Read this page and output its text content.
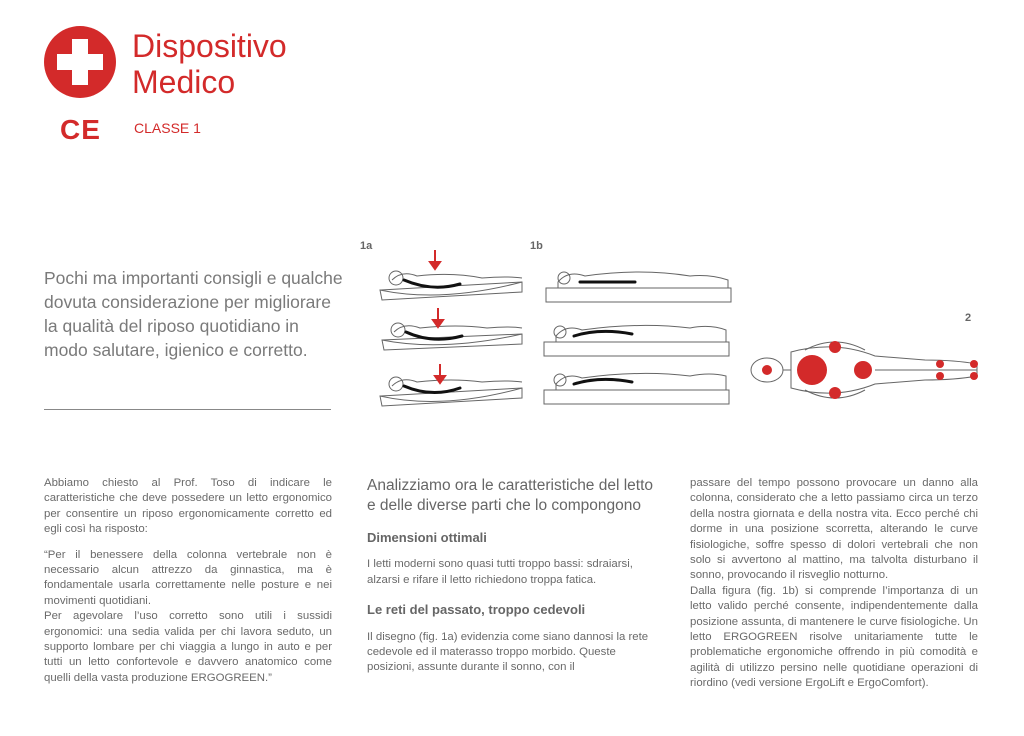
Dispositivo
Medico
CE CLASSE 1

Pochi ma importanti consigli e qualche dovuta considerazione per migliorare la qualità del riposo quotidiano in modo salutare, igienico e corretto.

1a	1b
2

Abbiamo chiesto al Prof. Toso di indicare le caratteristiche che deve possedere un letto ergonomico per consentire un riposo ergonomicamente corretto ed egli così ha risposto:

“Per il benessere della colonna vertebrale non è necessario alcun attrezzo da ginnastica, ma è fondamentale usarla correttamente nelle posture e nei movimenti quotidiani.

Per agevolare l’uso corretto sono utili i sussidi ergonomici: una sedia valida per chi lavora seduto, un supporto lombare per chi viaggia a lungo in auto e per tutti un letto confortevole e davvero anatomico come quelli della vasta produzione ERGOGREEN.”

Analizziamo ora le caratteristiche del letto e delle diverse parti che lo compongono
Dimensioni ottimali

I letti moderni sono quasi tutti troppo bassi: sdraiarsi, alzarsi e rifare il letto richiedono troppa fatica.

Le reti del passato, troppo cedevoli

Il disegno (fig. 1a) evidenzia come siano dannosi la rete cedevole ed il materasso troppo morbido. Queste posizioni, assunte durante il sonno, con il

passare del tempo possono provocare un danno alla colonna, considerato che a letto passiamo circa un terzo della nostra giornata e della nostra vita. Ecco perché chi dorme in una posizione scorretta, alterando le curve fisiologiche, soffre spesso di dolori vertebrali che non solo si avvertono al mattino, ma talvolta disturbano il sonno, provocando il risveglio notturno.

Dalla figura (fig. 1b) si comprende l’importanza di un letto valido perché consente, indipendentemente dalla posizione assunta, di mantenere le curve fisiologiche. Un letto ERGOGREEN risolve unitariamente tutte le problematiche ergonomiche offrendo in più comodità e agilità di utilizzo persino nelle quotidiane operazioni di riordino (vedi versione ErgoLift e ErgoComfort).
